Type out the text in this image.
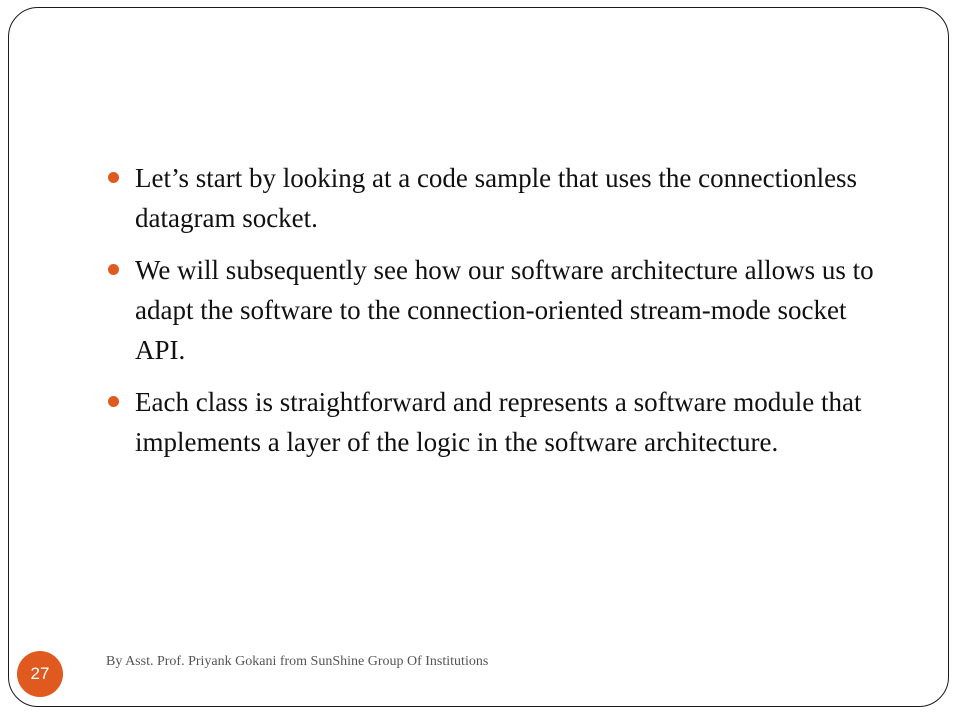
Let’s start by looking at a code sample that uses the connectionless datagram socket.
We will subsequently see how our software architecture allows us to adapt the software to the connection-oriented stream-mode socket API.
Each class is straightforward and represents a software module that implements a layer of the logic in the software architecture.
27
By Asst. Prof. Priyank Gokani from SunShine Group Of Institutions
